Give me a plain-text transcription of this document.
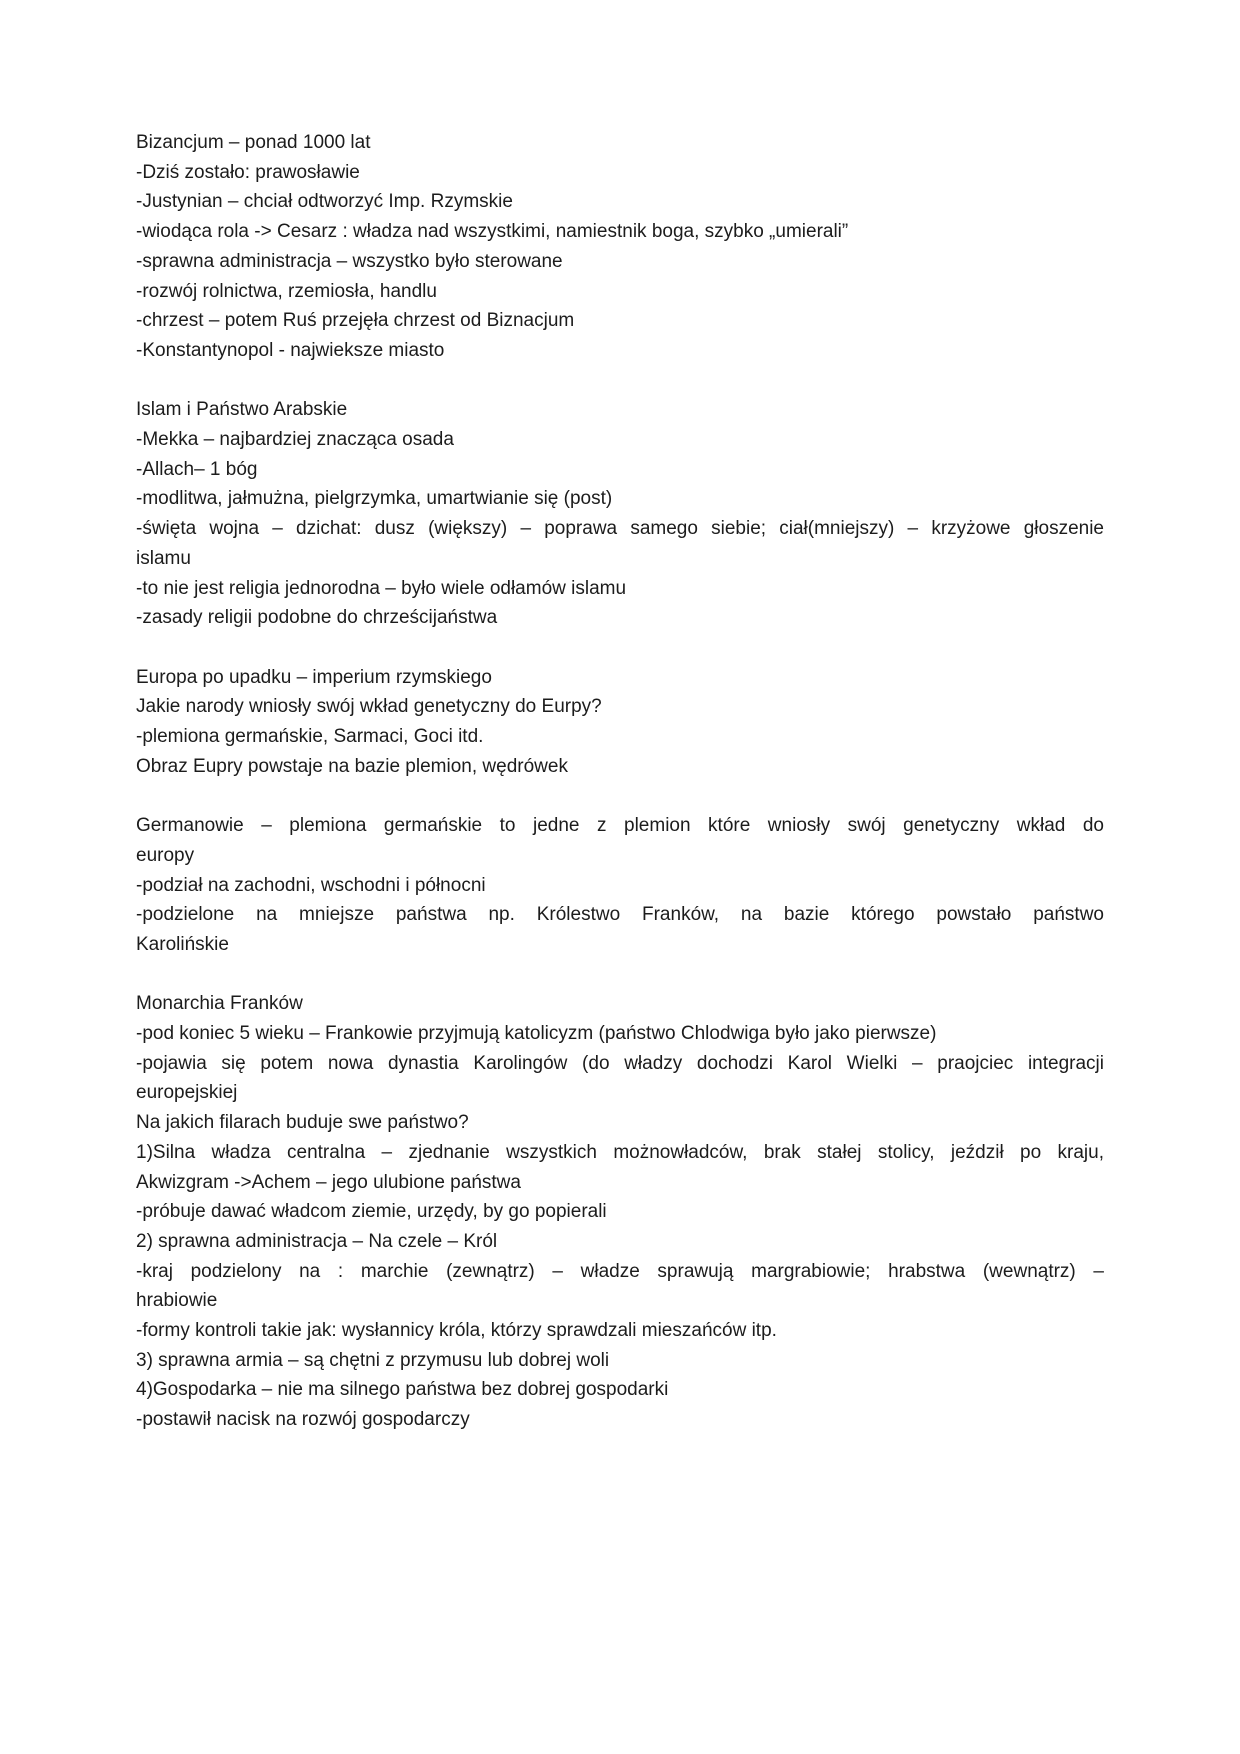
Bizancjum – ponad 1000 lat
-Dziś zostało: prawosławie
-Justynian – chciał odtworzyć Imp. Rzymskie
-wiodąca rola -> Cesarz : władza nad wszystkimi, namiestnik boga, szybko „umierali”
-sprawna administracja – wszystko było sterowane
-rozwój rolnictwa, rzemiosła, handlu
-chrzest – potem Ruś przejęła chrzest od Biznacjum
-Konstantynopol - najwieksze miasto
Islam i Państwo Arabskie
-Mekka – najbardziej znacząca osada
-Allach– 1 bóg
-modlitwa, jałmużna, pielgrzymka, umartwianie się (post)
-święta wojna – dzichat: dusz (większy) – poprawa samego siebie; ciał(mniejszy) – krzyżowe głoszenie
islamu
-to nie jest religia jednorodna – było wiele odłamów islamu
-zasady religii podobne do chrześcijaństwa
Europa po upadku – imperium rzymskiego
Jakie narody wniosły swój wkład genetyczny do Eurpy?
-plemiona germańskie, Sarmaci, Goci itd.
Obraz Eupry powstaje na bazie plemion, wędrówek
Germanowie – plemiona germańskie to jedne z plemion które wniosły swój genetyczny wkład do
europy
-podział na zachodni, wschodni i północni
-podzielone na mniejsze państwa np. Królestwo Franków, na bazie którego powstało państwo
Karolińskie
Monarchia Franków
-pod koniec 5 wieku – Frankowie przyjmują katolicyzm (państwo Chlodwiga było jako pierwsze)
-pojawia się potem nowa dynastia Karolingów (do władzy dochodzi Karol Wielki – praojciec integracji
europejskiej
Na jakich filarach buduje swe państwo?
1)Silna władza centralna – zjednanie wszystkich możnowładców, brak stałej stolicy, jeździł po kraju,
Akwizgram ->Achem – jego ulubione państwa
-próbuje dawać władcom ziemie, urzędy, by go popierali
2) sprawna administracja – Na czele – Król
-kraj podzielony na : marchie (zewnątrz) – władze sprawują margrabiowie; hrabstwa (wewnątrz) –
hrabiowie
-formy kontroli takie jak: wysłannicy króla, którzy sprawdzali mieszańców itp.
3) sprawna armia – są chętni z przymusu lub dobrej woli
4)Gospodarka – nie ma silnego państwa bez dobrej gospodarki
-postawił nacisk na rozwój gospodarczy
